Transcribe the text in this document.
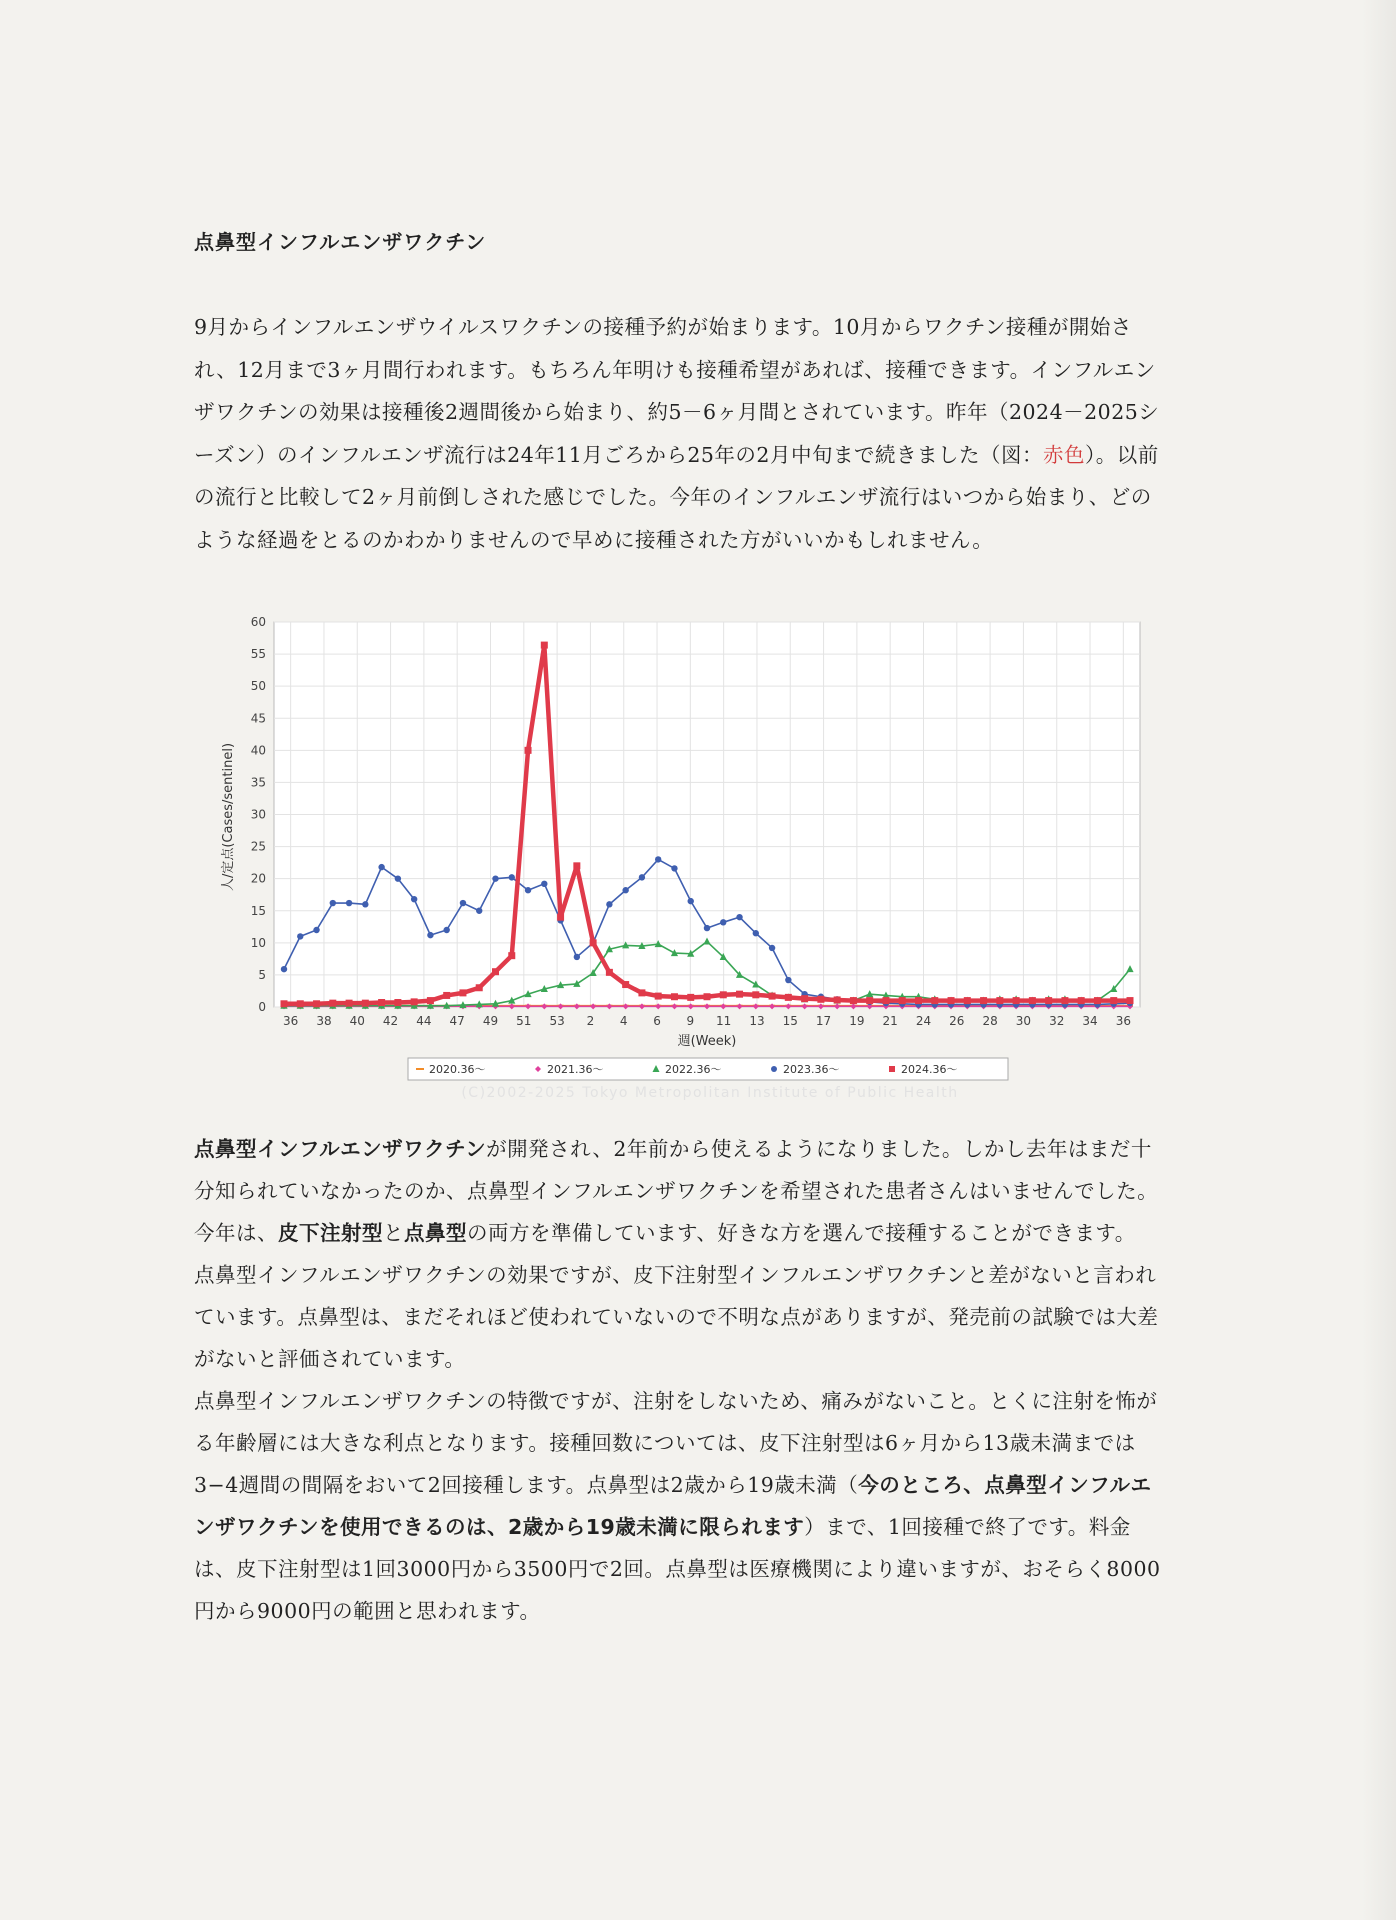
点鼻型インフルエンザワクチン

9月からインフルエンザウイルスワクチンの接種予約が始まります。10月からワクチン接種が開始され、12月まで3ヶ月間行われます。もちろん年明けも接種希望があれば、接種できます。インフルエンザワクチンの効果は接種後2週間後から始まり、約5－6ヶ月間とされています。昨年（2024－2025シーズン）のインフルエンザ流行は24年11月ごろから25年の2月中旬まで続きました（図：赤色）。以前の流行と比較して2ヶ月前倒しされた感じでした。今年のインフルエンザ流行はいつから始まり、どのような経過をとるのかわかりませんので早めに接種された方がいいかもしれません。

0
5
10
15
20
25
30
35
40
45
50
55
60
36 38 40 42 44 47 49 51 53 2 4 6 9 11 13 15 17 19 21 24 26 28 30 32 34 36
人/定点(Cases/sentinel)
週(Week)
2020.36〜	2021.36〜	2022.36〜	2023.36〜	2024.36〜
(C)2002-2025 Tokyo Metropolitan Institute of Public Health

点鼻型インフルエンザワクチンが開発され、2年前から使えるようになりました。しかし去年はまだ十分知られていなかったのか、点鼻型インフルエンザワクチンを希望された患者さんはいませんでした。今年は、皮下注射型と点鼻型の両方を準備しています、好きな方を選んで接種することができます。

点鼻型インフルエンザワクチンの効果ですが、皮下注射型インフルエンザワクチンと差がないと言われています。点鼻型は、まだそれほど使われていないので不明な点がありますが、発売前の試験では大差がないと評価されています。

点鼻型インフルエンザワクチンの特徴ですが、注射をしないため、痛みがないこと。とくに注射を怖がる年齢層には大きな利点となります。接種回数については、皮下注射型は6ヶ月から13歳未満までは3−4週間の間隔をおいて2回接種します。点鼻型は2歳から19歳未満（今のところ、点鼻型インフルエンザワクチンを使用できるのは、2歳から19歳未満に限られます）まで、1回接種で終了です。料金は、皮下注射型は1回3000円から3500円で2回。点鼻型は医療機関により違いますが、おそらく8000円から9000円の範囲と思われます。
